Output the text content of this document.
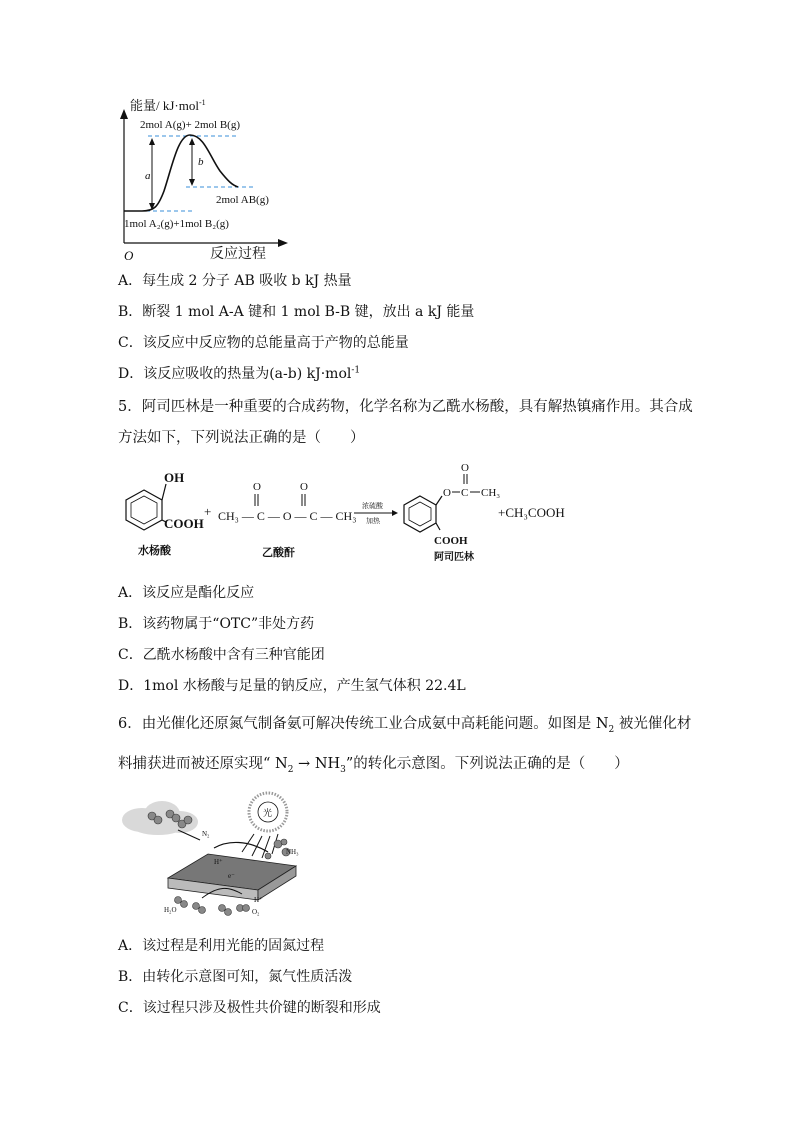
能量/ kJ·mol$^{-1}$
O	反应过程
a
b
2mol A(g)+ 2mol B(g)
2mol AB(g)
1mol A₂(g)+1mol B₂(g)
A．每生成 2 分子 AB 吸收 b kJ 热量
B．断裂 1 mol A-A 键和 1 mol B-B 键，放出 a kJ 能量
C．该反应中反应物的总能量高于产物的总能量
D．该反应吸收的热量为(a-b) kJ·mol$^{-1}$
5．阿司匹林是一种重要的合成药物，化学名称为乙酰水杨酸，具有解热镇痛作用。其合成
方法如下，下列说法正确的是（　　）
OH
COOH
水杨酸
+
O	O
CH₃ — C — O — C — CH₃
乙酸酐
浓硫酸
加热
O C
O
CH₃
COOH
阿司匹林
+CH₃COOH
A．该反应是酯化反应
B．该药物属于“OTC”非处方药
C．乙酰水杨酸中含有三种官能团
D．1mol 水杨酸与足量的钠反应，产生氢气体积 22.4L
6．由光催化还原氮气制备氨可解决传统工业合成氨中高耗能问题。如图是 $N_2$ 被光催化材
料捕获进而被还原实现“ $N_2 \to NH_3$”的转化示意图。下列说法正确的是（　　）
光
N₂
NH₃
H⁺
e⁻
H₂O	O₂
H⁺
A．该过程是利用光能的固氮过程
B．由转化示意图可知，氮气性质活泼
C．该过程只涉及极性共价键的断裂和形成
